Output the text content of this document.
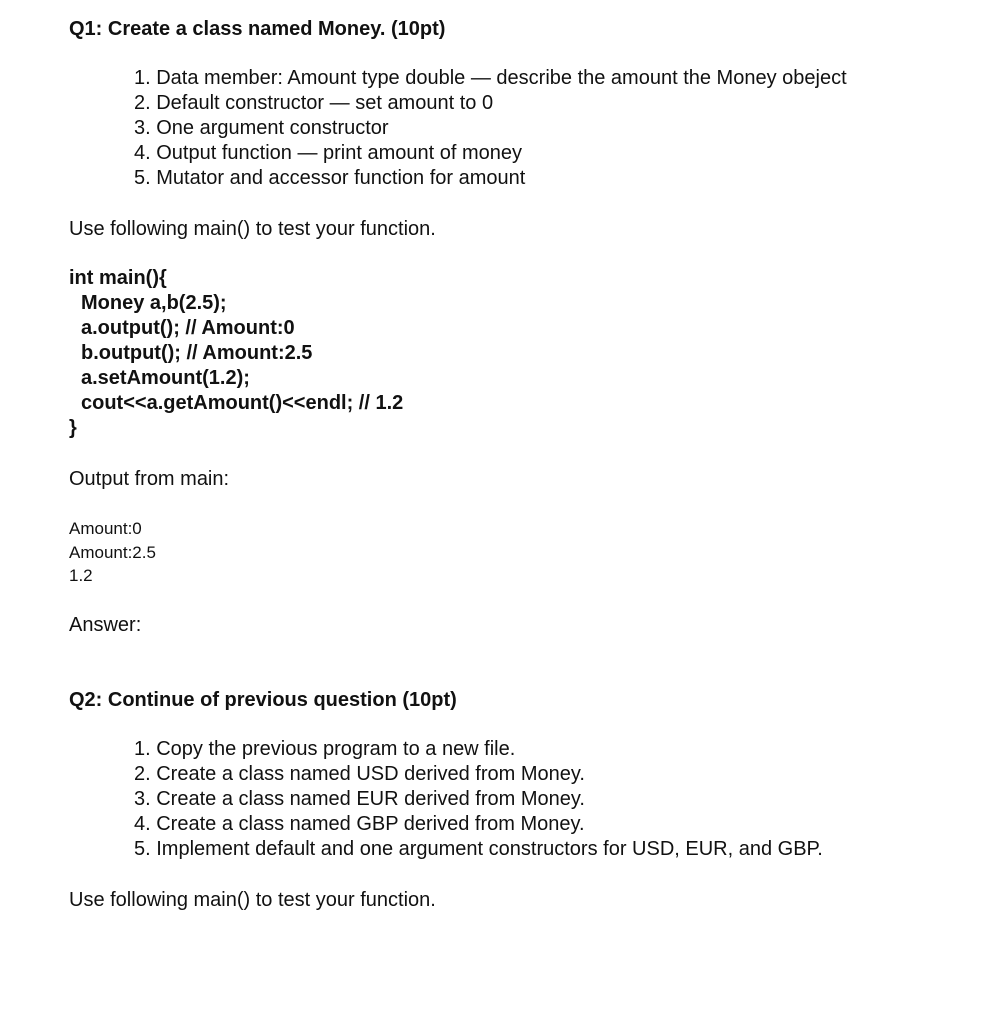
Q1: Create a class named Money. (10pt)
1. Data member: Amount type double — describe the amount the Money obeject
2. Default constructor — set amount to 0
3. One argument constructor
4. Output function — print amount of money
5. Mutator and accessor function for amount

Use following main() to test your function.

int main(){
Money a,b(2.5);
a.output(); // Amount:0
b.output(); // Amount:2.5
a.setAmount(1.2);
cout<<a.getAmount()<<endl; // 1.2
}

Output from main:

Amount:0
Amount:2.5
1.2

Answer:

Q2: Continue of previous question (10pt)
1. Copy the previous program to a new file.
2. Create a class named USD derived from Money.
3. Create a class named EUR derived from Money.
4. Create a class named GBP derived from Money.
5. Implement default and one argument constructors for USD, EUR, and GBP.

Use following main() to test your function.
